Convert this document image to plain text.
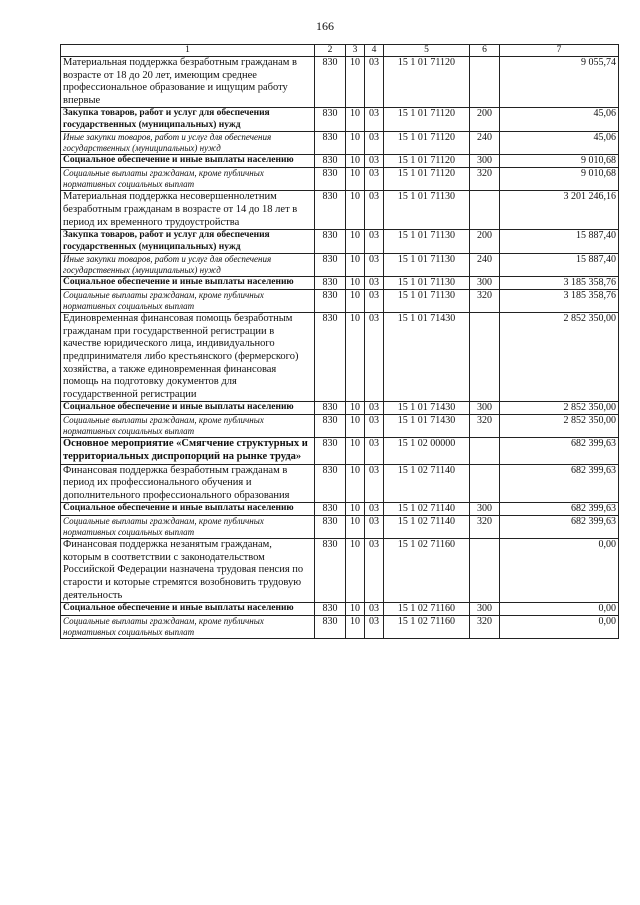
166
1	2	3	4	5	6	7
Материальная поддержка безработным гражданам в возрасте от 18 до 20 лет, имеющим среднее профессиональное образование и ищущим работу впервые	830	10	03	15 1 01 71120		9 055,74
Закупка товаров, работ и услуг для обеспечения государственных (муниципальных) нужд	830	10	03	15 1 01 71120	200	45,06
Иные закупки товаров, работ и услуг для обеспечения государственных (муниципальных) нужд	830	10	03	15 1 01 71120	240	45,06
Социальное обеспечение и иные выплаты населению	830	10	03	15 1 01 71120	300	9 010,68
Социальные выплаты гражданам, кроме публичных нормативных социальных выплат	830	10	03	15 1 01 71120	320	9 010,68
Материальная поддержка несовершеннолетним безработным гражданам в возрасте от 14 до 18 лет в период их временного трудоустройства	830	10	03	15 1 01 71130		3 201 246,16
Закупка товаров, работ и услуг для обеспечения государственных (муниципальных) нужд	830	10	03	15 1 01 71130	200	15 887,40
Иные закупки товаров, работ и услуг для обеспечения государственных (муниципальных) нужд	830	10	03	15 1 01 71130	240	15 887,40
Социальное обеспечение и иные выплаты населению	830	10	03	15 1 01 71130	300	3 185 358,76
Социальные выплаты гражданам, кроме публичных нормативных социальных выплат	830	10	03	15 1 01 71130	320	3 185 358,76
Единовременная финансовая помощь безработным гражданам при государственной регистрации в качестве юридического лица, индивидуального предпринимателя либо крестьянского (фермерского) хозяйства, а также единовременная финансовая помощь на подготовку документов для государственной регистрации	830	10	03	15 1 01 71430		2 852 350,00
Социальное обеспечение и иные выплаты населению	830	10	03	15 1 01 71430	300	2 852 350,00
Социальные выплаты гражданам, кроме публичных нормативных социальных выплат	830	10	03	15 1 01 71430	320	2 852 350,00
Основное мероприятие «Смягчение структурных и территориальных диспропорций на рынке труда»	830	10	03	15 1 02 00000		682 399,63
Финансовая поддержка безработным гражданам в период их профессионального обучения и дополнительного профессионального образования	830	10	03	15 1 02 71140		682 399,63
Социальное обеспечение и иные выплаты населению	830	10	03	15 1 02 71140	300	682 399,63
Социальные выплаты гражданам, кроме публичных нормативных социальных выплат	830	10	03	15 1 02 71140	320	682 399,63
Финансовая поддержка незанятым гражданам, которым в соответствии с законодательством Российской Федерации назначена трудовая пенсия по старости и которые стремятся возобновить трудовую деятельность	830	10	03	15 1 02 71160		0,00
Социальное обеспечение и иные выплаты населению	830	10	03	15 1 02 71160	300	0,00
Социальные выплаты гражданам, кроме публичных нормативных социальных выплат	830	10	03	15 1 02 71160	320	0,00
